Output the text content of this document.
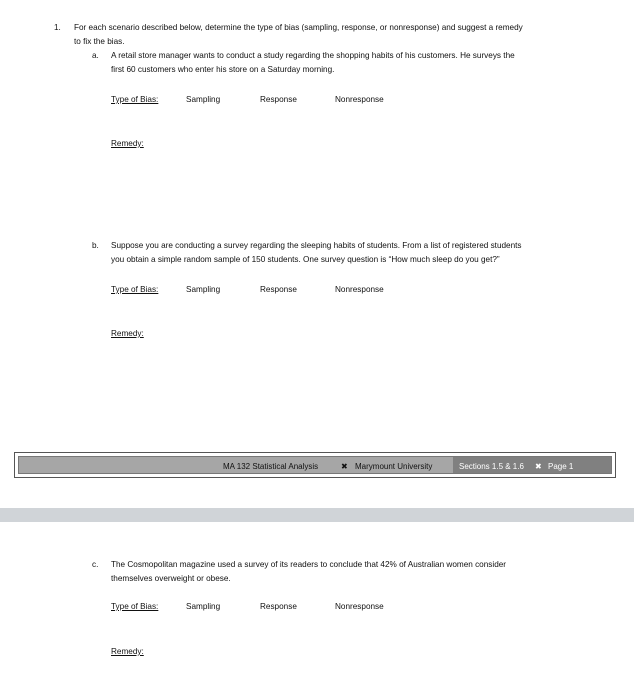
1. For each scenario described below, determine the type of bias (sampling, response, or nonresponse) and suggest a remedy
to fix the bias.
a. A retail store manager wants to conduct a study regarding the shopping habits of his customers. He surveys the
first 60 customers who enter his store on a Saturday morning.
Type of Bias:	Sampling	Response	Nonresponse
Remedy:
b. Suppose you are conducting a survey regarding the sleeping habits of students. From a list of registered students
you obtain a simple random sample of 150 students. One survey question is “How much sleep do you get?”
Type of Bias:	Sampling	Response	Nonresponse
Remedy:
MA 132 Statistical Analysis	✖ Marymount University	Sections 1.5 & 1.6 ✖ Page 1
c. The Cosmopolitan magazine used a survey of its readers to conclude that 42% of Australian women consider
themselves overweight or obese.
Type of Bias:	Sampling	Response	Nonresponse
Remedy:
